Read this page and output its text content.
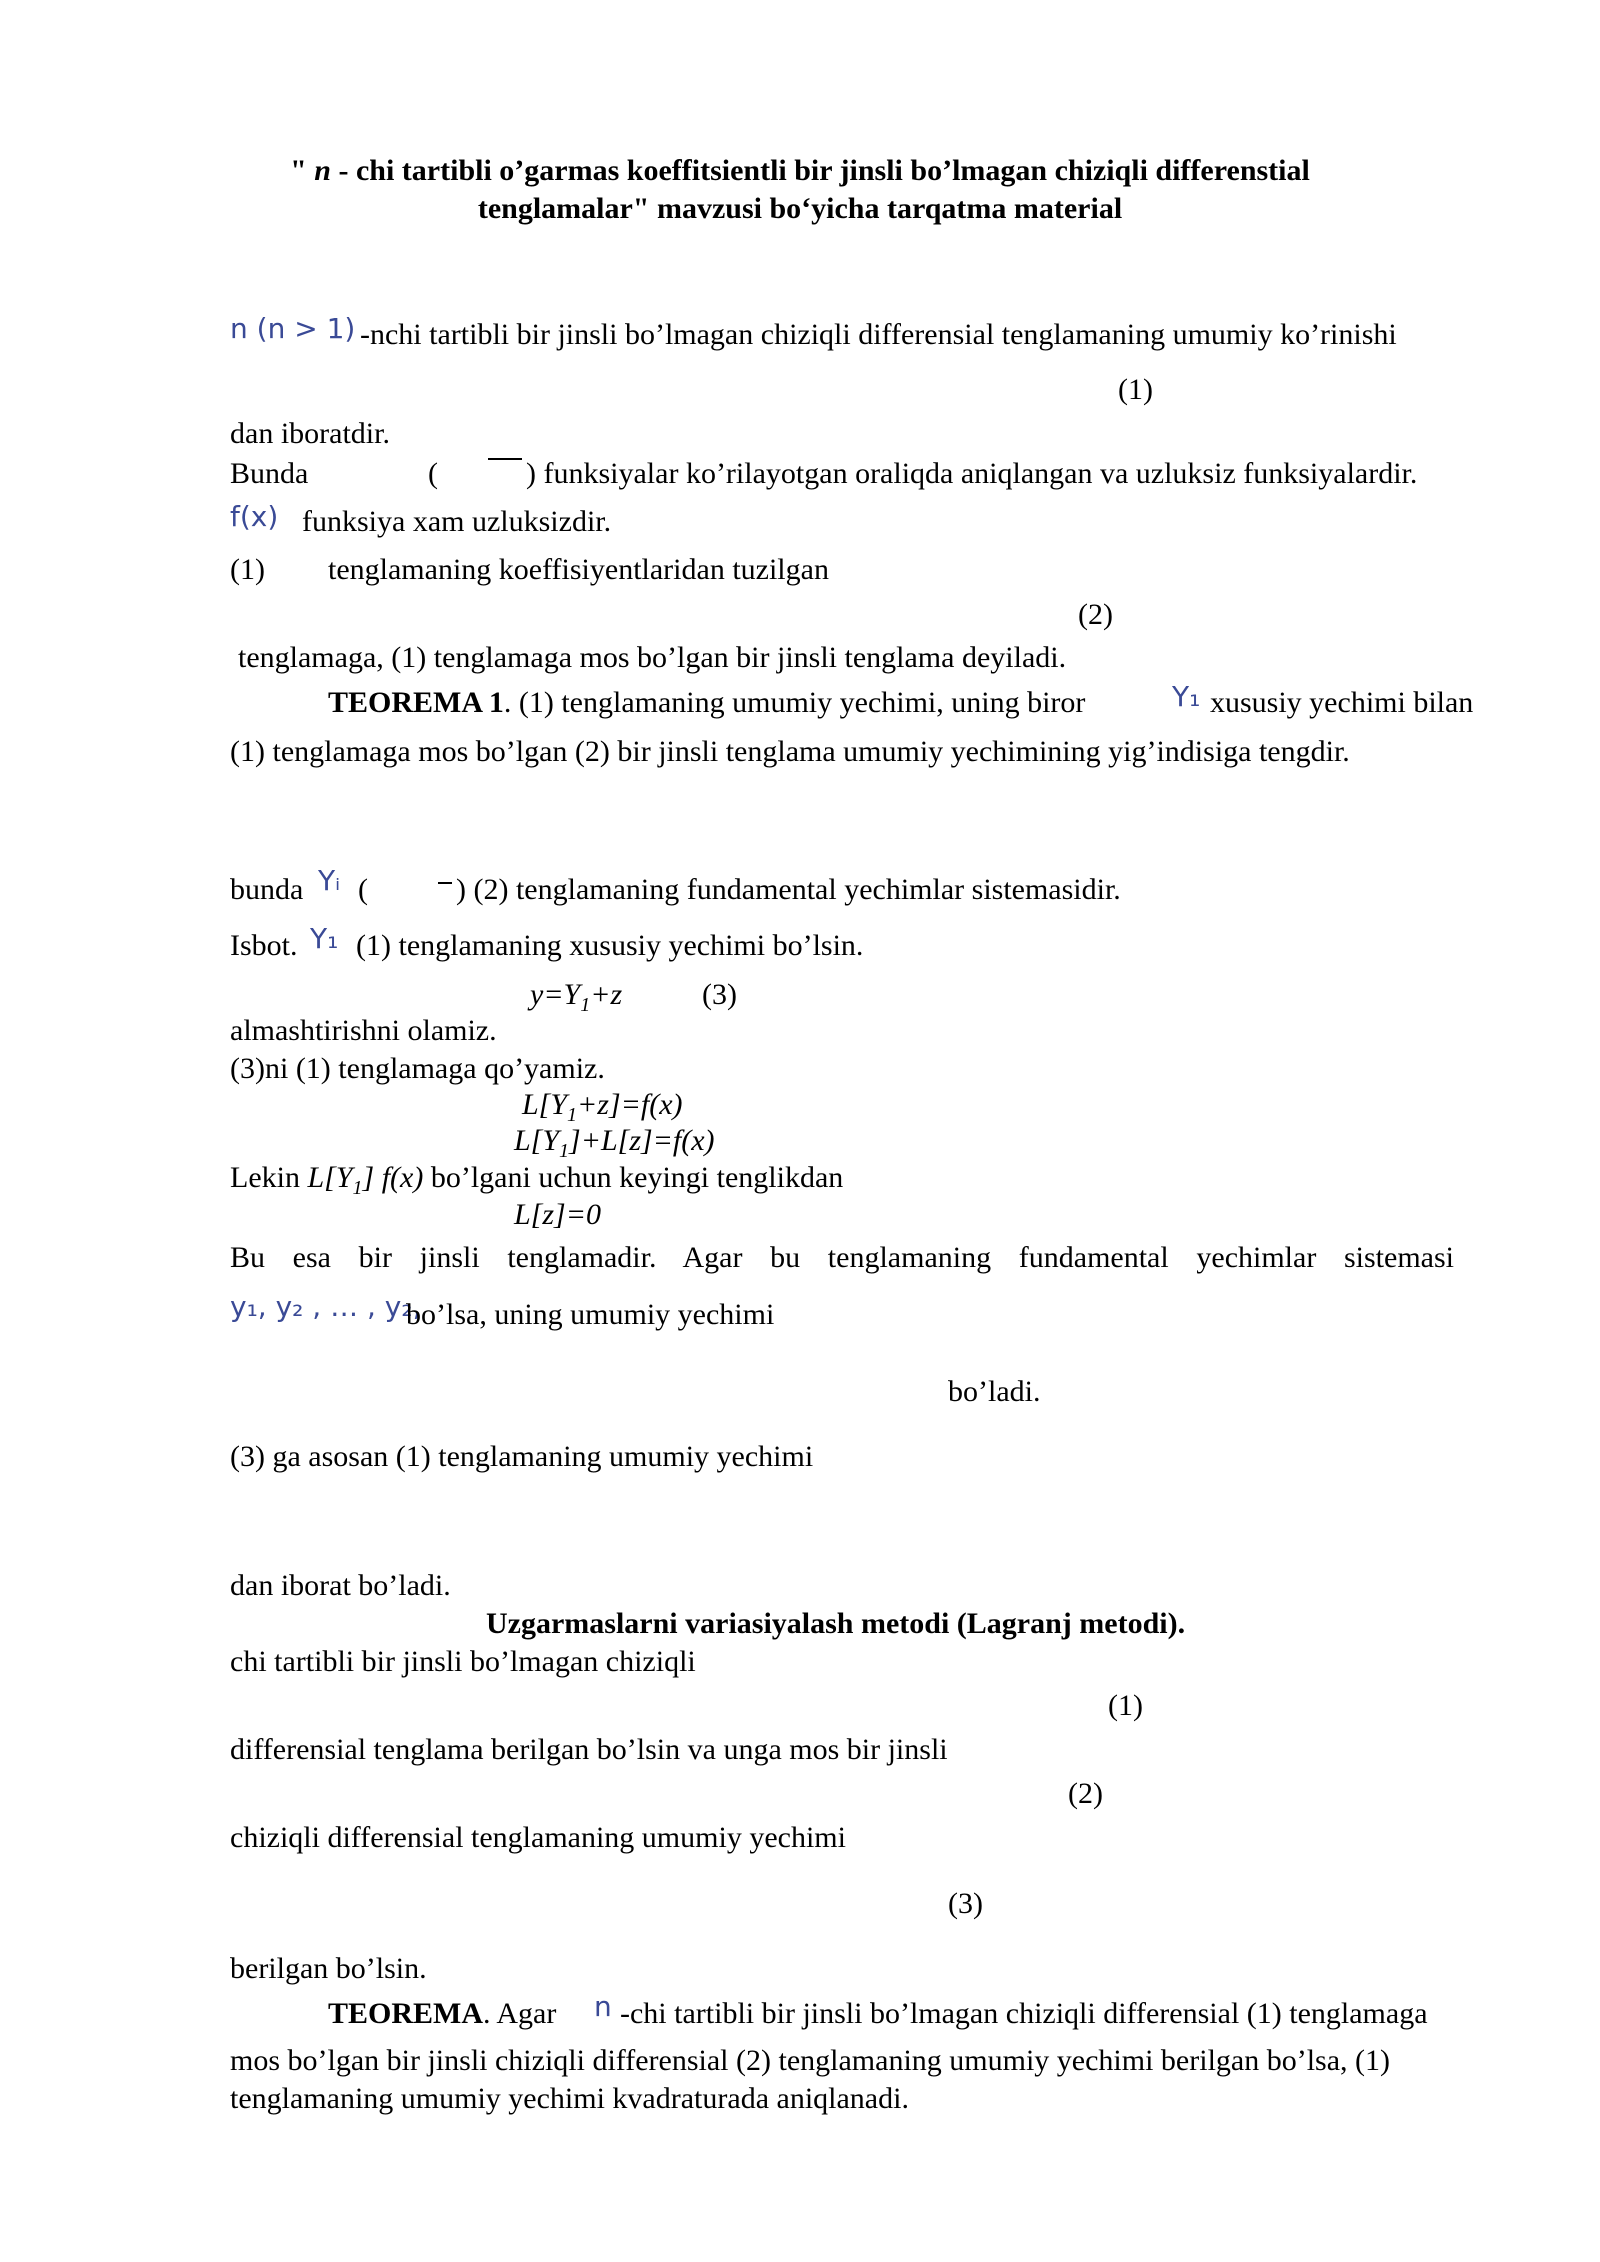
" n - chi tartibli o’garmas koeffitsientli bir jinsli bo’lmagan chiziqli differenstial
tenglamalar" mavzusi bo‘yicha tarqatma material
n (n > 1) -nchi tartibli bir jinsli bo’lmagan chiziqli differensial tenglamaning umumiy ko’rinishi
(1)
dan iboratdir.
Bunda	(	) funksiyalar ko’rilayotgan oraliqda aniqlangan va uzluksiz funksiyalardir.
f(x) funksiya xam uzluksizdir.
(1) tenglamaning koeffisiyentlaridan tuzilgan
(2)
tenglamaga, (1) tenglamaga mos bo’lgan bir jinsli tenglama deyiladi.
TEOREMA 1. (1) tenglamaning umumiy yechimi, uning biror	Y₁ xususiy yechimi bilan
(1) tenglamaga mos bo’lgan (2) bir jinsli tenglama umumiy yechimining yig’indisiga tengdir.
bunda Yᵢ (	) (2) tenglamaning fundamental yechimlar sistemasidir.
Isbot. Y₁ (1) tenglamaning xususiy yechimi bo’lsin.
$y=Y_1+z$	(3)
almashtirishni olamiz.
(3)ni (1) tenglamaga qo’yamiz.
$L[Y_1+z]=f(x)$
$L[Y_1]+L[z]=f(x)$
Lekin $L[Y_1]$ f(x) bo’lgani uchun keyingi tenglikdan
L[z]=0
Bu esa bir jinsli tenglamadir. Agar bu tenglamaning fundamental yechimlar sistemasi
y₁, y₂ , … , y₂,
bo’lsa, uning umumiy yechimi
bo’ladi.
(3) ga asosan (1) tenglamaning umumiy yechimi
dan iborat bo’ladi.
Uzgarmaslarni variasiyalash metodi (Lagranj metodi).
chi tartibli bir jinsli bo’lmagan chiziqli
(1)
differensial tenglama berilgan bo’lsin va unga mos bir jinsli
(2)
chiziqli differensial tenglamaning umumiy yechimi
(3)
berilgan bo’lsin.
TEOREMA. Agar n -chi tartibli bir jinsli bo’lmagan chiziqli differensial (1) tenglamaga
mos bo’lgan bir jinsli chiziqli differensial (2) tenglamaning umumiy yechimi berilgan bo’lsa, (1)
tenglamaning umumiy yechimi kvadraturada aniqlanadi.
